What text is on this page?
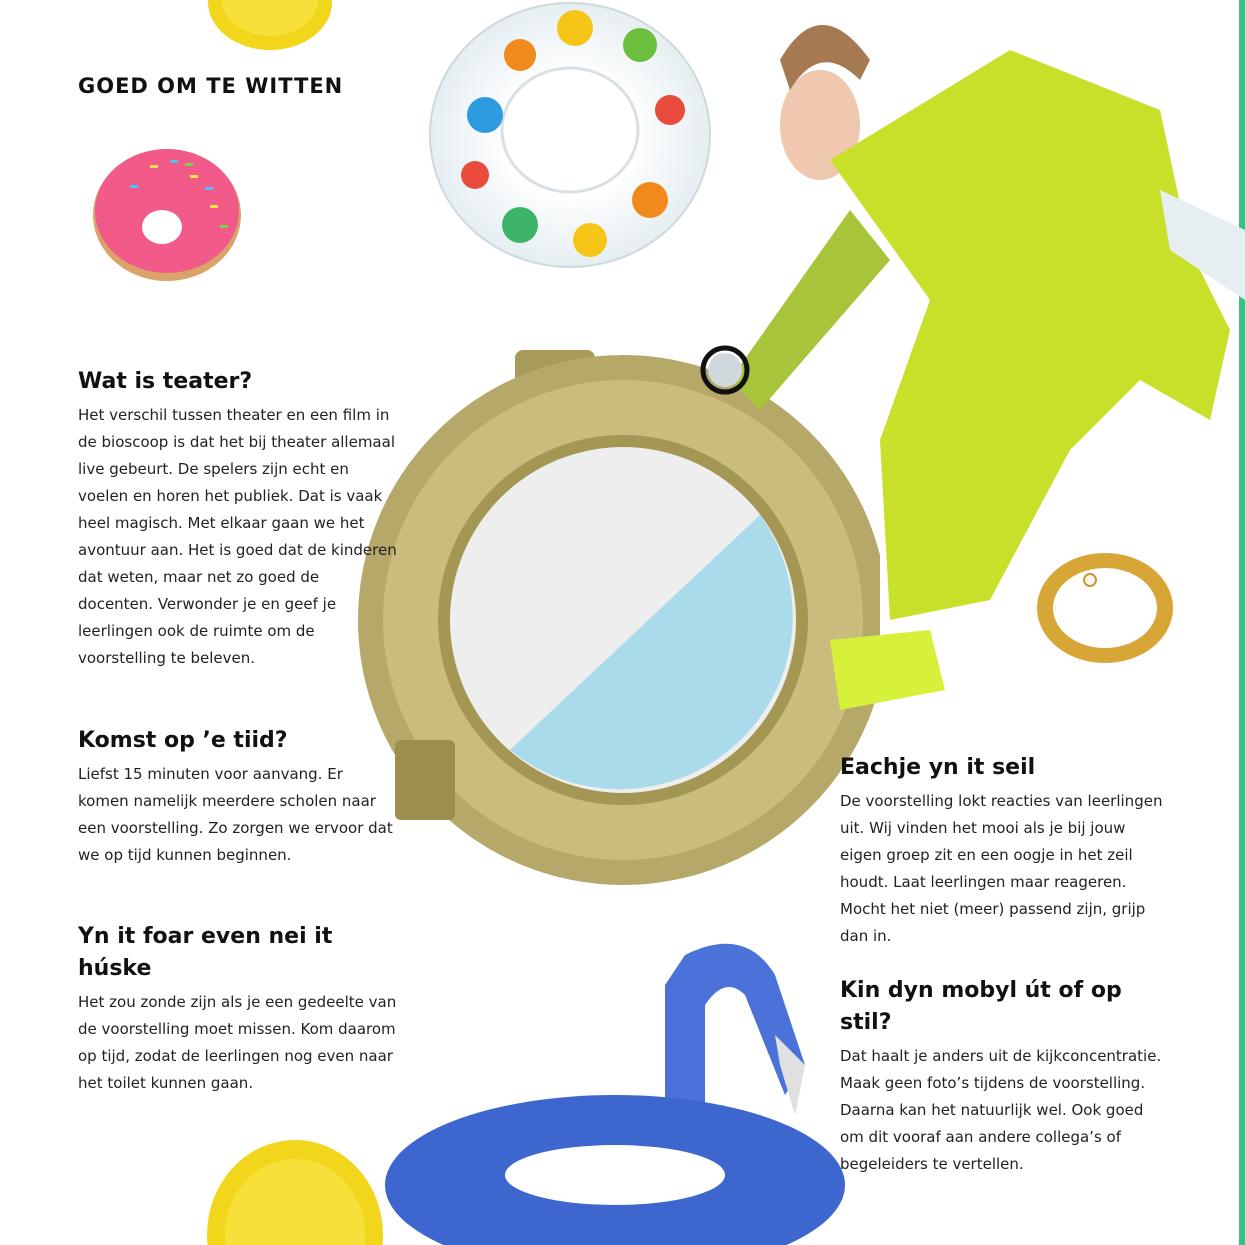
GOED OM TE WITTEN
Wat is teater?

Het verschil tussen theater en een film in de bioscoop is dat het bij theater allemaal live gebeurt. De spelers zijn echt en voelen en horen het publiek. Dat is vaak heel magisch. Met elkaar gaan we het avontuur aan. Het is goed dat de kinderen dat weten, maar net zo goed de docenten. Verwonder je en geef je leerlingen ook de ruimte om de voorstelling te beleven.

Komst op ’e tiid?

Liefst 15 minuten voor aanvang. Er komen namelijk meerdere scholen naar een voorstelling. Zo zorgen we ervoor dat we op tijd kunnen beginnen.

Yn it foar even nei it húske

Het zou zonde zijn als je een gedeelte van de voorstelling moet missen. Kom daarom op tijd, zodat de leerlingen nog even naar het toilet kunnen gaan.

Eachje yn it seil

De voorstelling lokt reacties van leerlingen uit. Wij vinden het mooi als je bij jouw eigen groep zit en een oogje in het zeil houdt. Laat leerlingen maar reageren. Mocht het niet (meer) passend zijn, grijp dan in.

Kin dyn mobyl út of op stil?

Dat haalt je anders uit de kijkconcentratie. Maak geen foto’s tijdens de voorstelling. Daarna kan het natuurlijk wel. Ook goed om dit vooraf aan andere collega’s of begeleiders te vertellen.
